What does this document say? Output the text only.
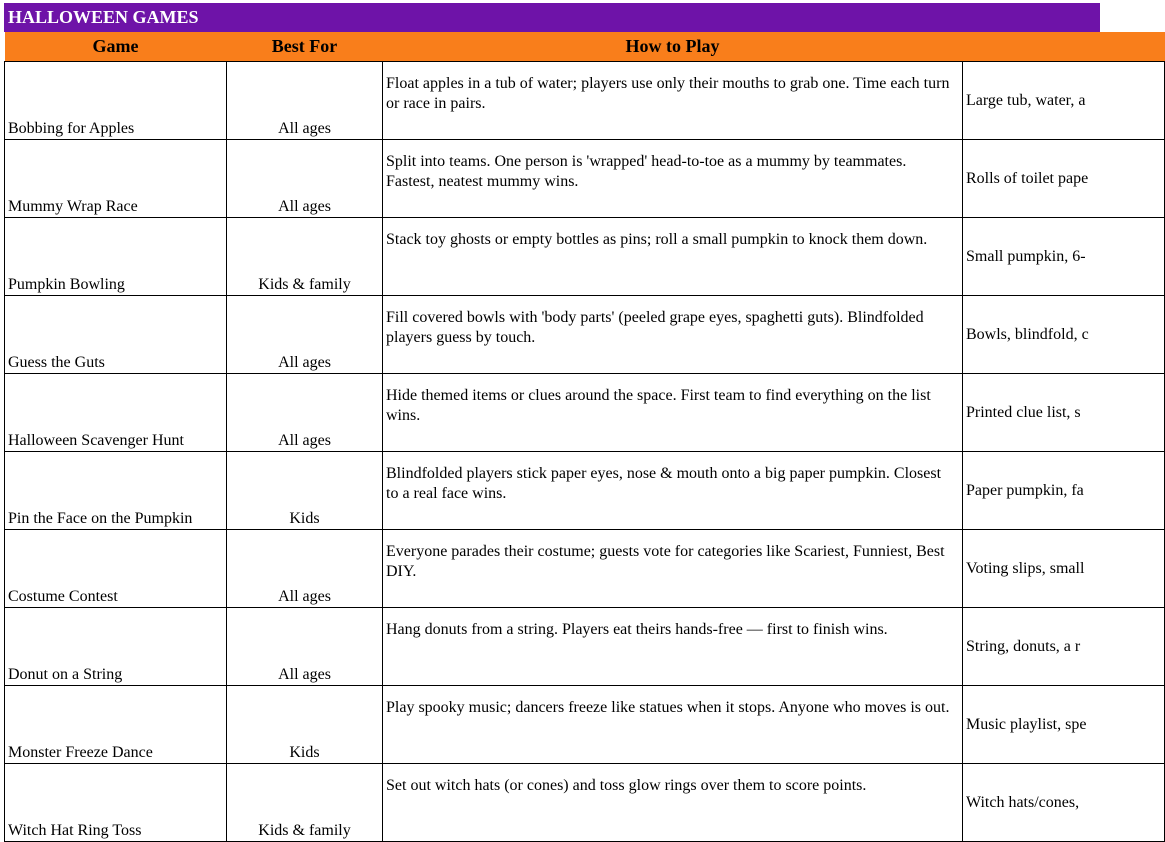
HALLOWEEN GAMES
Game	Best For	How to Play	
Bobbing for Apples	All ages	Float apples in a tub of water; players use only their mouths to grab one. Time each turn or race in pairs.	Large tub, water, a
Mummy Wrap Race	All ages	Split into teams. One person is 'wrapped' head-to-toe as a mummy by teammates. Fastest, neatest mummy wins.	Rolls of toilet pape
Pumpkin Bowling	Kids & family	Stack toy ghosts or empty bottles as pins; roll a small pumpkin to knock them down.	Small pumpkin, 6-
Guess the Guts	All ages	Fill covered bowls with 'body parts' (peeled grape eyes, spaghetti guts). Blindfolded players guess by touch.	Bowls, blindfold, c
Halloween Scavenger Hunt	All ages	Hide themed items or clues around the space. First team to find everything on the list wins.	Printed clue list, s
Pin the Face on the Pumpkin	Kids	Blindfolded players stick paper eyes, nose & mouth onto a big paper pumpkin. Closest to a real face wins.	Paper pumpkin, fa
Costume Contest	All ages	Everyone parades their costume; guests vote for categories like Scariest, Funniest, Best DIY.	Voting slips, small
Donut on a String	All ages	Hang donuts from a string. Players eat theirs hands-free — first to finish wins.	String, donuts, a r
Monster Freeze Dance	Kids	Play spooky music; dancers freeze like statues when it stops. Anyone who moves is out.	Music playlist, spe
Witch Hat Ring Toss	Kids & family	Set out witch hats (or cones) and toss glow rings over them to score points.	Witch hats/cones,
